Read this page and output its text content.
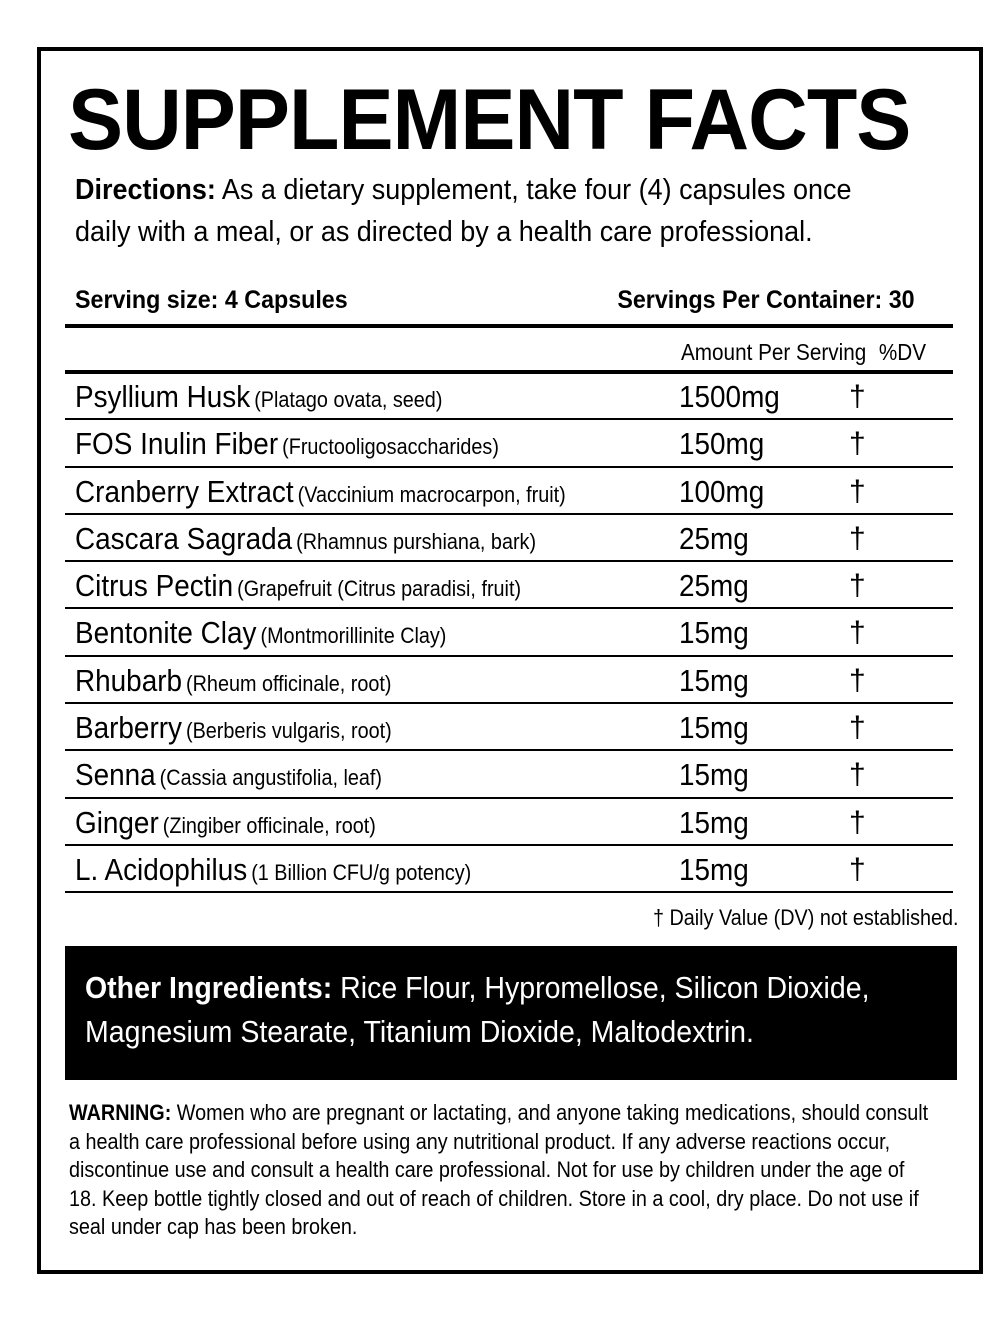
SUPPLEMENT FACTS
Directions: As a dietary supplement, take four (4) capsules once daily with a meal, or as directed by a health care professional.
Serving size: 4 Capsules	Servings Per Container: 30
Amount Per Serving %DV
Psyllium Husk (Platago ovata, seed)	1500mg †
FOS Inulin Fiber (Fructooligosaccharides)	150mg	†
Cranberry Extract (Vaccinium macrocarpon, fruit)	100mg	†
Cascara Sagrada (Rhamnus purshiana, bark)	25mg	†
Citrus Pectin (Grapefruit (Citrus paradisi, fruit)	25mg	†
Bentonite Clay (Montmorillinite Clay)	15mg	†
Rhubarb (Rheum officinale, root)	15mg	†
Barberry (Berberis vulgaris, root)	15mg	†
Senna (Cassia angustifolia, leaf)	15mg	†
Ginger (Zingiber officinale, root)	15mg	†
L. Acidophilus (1 Billion CFU/g potency)	15mg	†
† Daily Value (DV) not established.
Other Ingredients: Rice Flour, Hypromellose, Silicon Dioxide, Magnesium Stearate, Titanium Dioxide, Maltodextrin.
WARNING: Women who are pregnant or lactating, and anyone taking medications, should consult a health care professional before using any nutritional product. If any adverse reactions occur, discontinue use and consult a health care professional. Not for use by children under the age of 18. Keep bottle tightly closed and out of reach of children. Store in a cool, dry place. Do not use if seal under cap has been broken.
